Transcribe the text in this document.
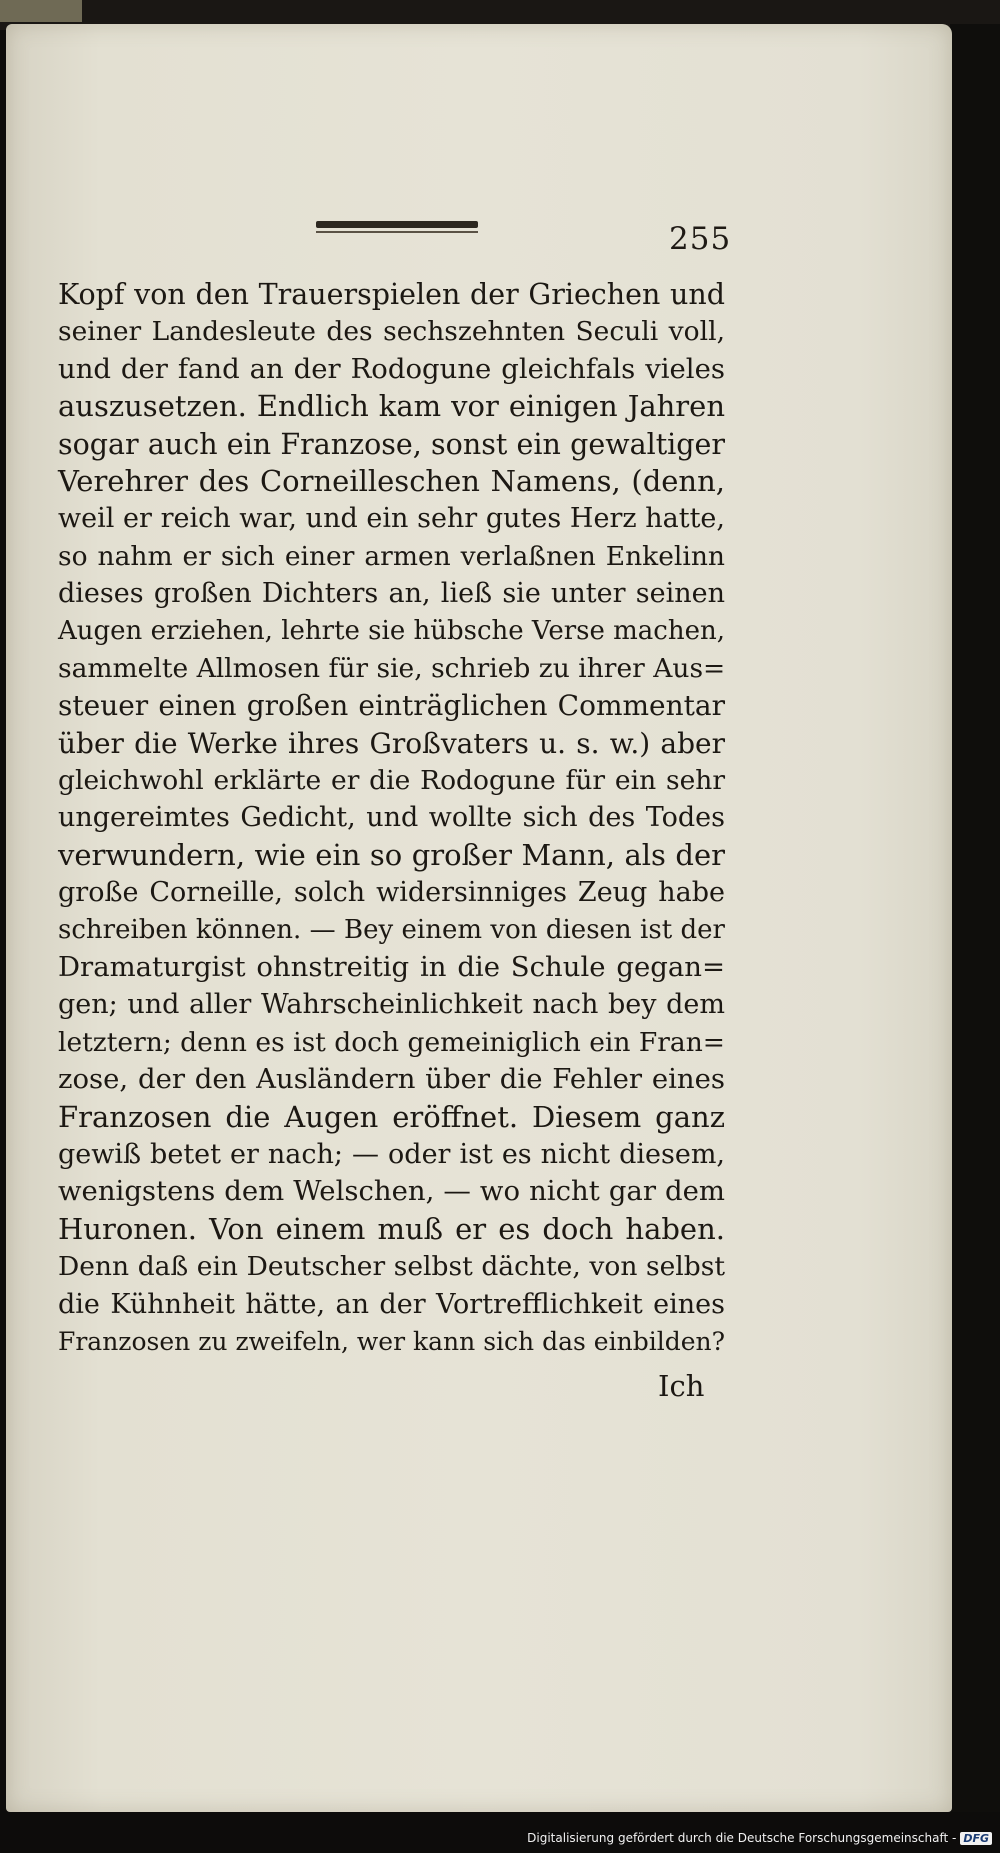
255
Kopf von den Trauerspielen der Griechen und
seiner Landesleute des sechszehnten Seculi voll,
und der fand an der Rodogune gleichfals vieles
auszusetzen. Endlich kam vor einigen Jahren
sogar auch ein Franzose, sonst ein gewaltiger
Verehrer des Corneilleschen Namens, (denn,
weil er reich war, und ein sehr gutes Herz hatte,
so nahm er sich einer armen verlaßnen Enkelinn
dieses großen Dichters an, ließ sie unter seinen
Augen erziehen, lehrte sie hübsche Verse machen,
sammelte Allmosen für sie, schrieb zu ihrer Aus=
steuer einen großen einträglichen Commentar
über die Werke ihres Großvaters u. s. w.) aber
gleichwohl erklärte er die Rodogune für ein sehr
ungereimtes Gedicht, und wollte sich des Todes
verwundern, wie ein so großer Mann, als der
große Corneille, solch widersinniges Zeug habe
schreiben können. — Bey einem von diesen ist der
Dramaturgist ohnstreitig in die Schule gegan=
gen; und aller Wahrscheinlichkeit nach bey dem
letztern; denn es ist doch gemeiniglich ein Fran=
zose, der den Ausländern über die Fehler eines
Franzosen die Augen eröffnet. Diesem ganz
gewiß betet er nach; — oder ist es nicht diesem,
wenigstens dem Welschen, — wo nicht gar dem
Huronen. Von einem muß er es doch haben.
Denn daß ein Deutscher selbst dächte, von selbst
die Kühnheit hätte, an der Vortrefflichkeit eines
Franzosen zu zweifeln, wer kann sich das einbilden?
Ich
Digitalisierung gefördert durch die Deutsche Forschungsgemeinschaft - DFG
